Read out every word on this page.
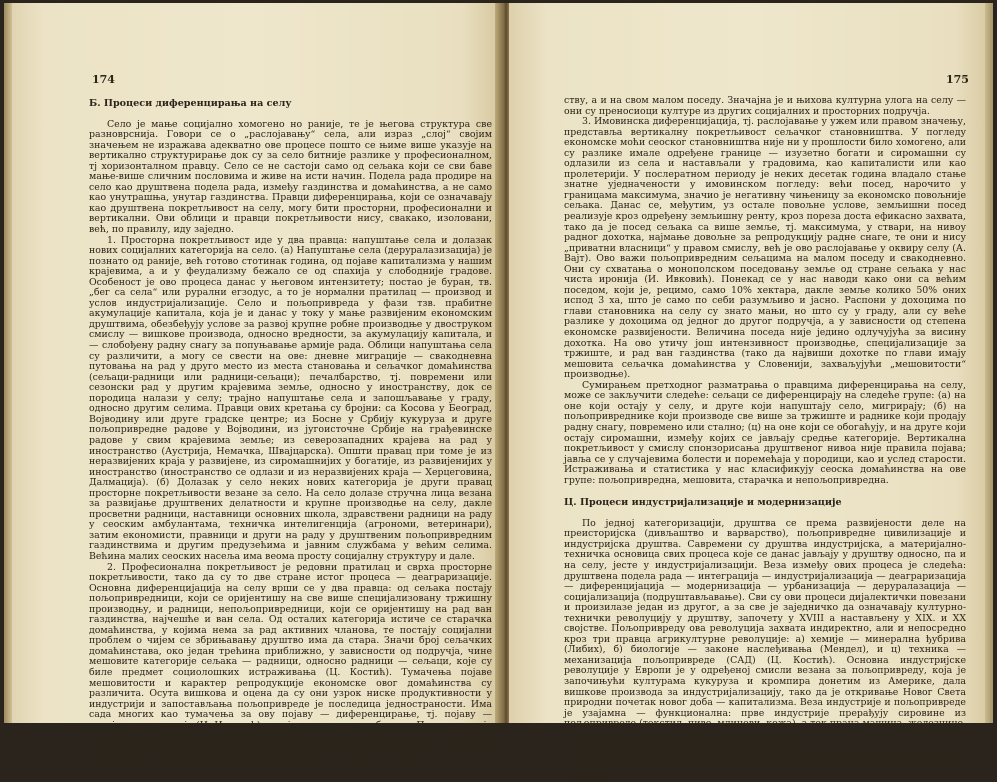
174

Б. Процеси диференцирања на селу

Село је мање социјално хомогено но раније, те је његова структура све разноврснија. Говори се о „раслојавању“ села, али израз „слој“ својим значењем не изражава адекватно ове процесе пошто се њиме више указује на вертикално структурирање док су за село битније разлике у професионалном, тј хоризонталном правцу. Село се не састоји само од сељака који се сви баве мање-више сличним пословима и живе на исти начин. Подела рада продире на село као друштвена подела рада, између газдинства и домаћинства, а не само као унутрашња, унутар газдинства. Правци диференцирања, који се означавају као друштвена покретљивост на селу, могу бити просторни, професионални и вертикални. Ови облици и правци покретљивости нису, свакако, изоловани, већ, по правилу, иду заједно.

1. Просторна покретљивост иде у два правца: напуштање села и долазак нових социјалних категорија на село. (а) Напуштање села (деруралазизација) је познато од раније, већ готово стотинак година, од појаве капитализма у нашим крајевима, а и у феудализму бежало се од спахија у слободније градове. Особеност је ово процеса данас у његовом интензитету; постао је буран, тв. „бег са села“ или рурални егзодус, а то је нормални пратилац — производ и услов индустријализације. Село и пољопривреда у фази тзв. прабитне акумулације капитала, која је и данас у току у мање развијеним економским друштвима, обезбеђују услове за развој крупне робне производње у двоструком смислу — вишкове производа, односно вредности, за акумулацију капитала, и — слобођену радну снагу за попуњавање армије рада. Облици напуштања села су различити, а могу се свести на ове: дневне миграције — свакодневна путовања на рад у друго место из места становања и сељачког домаћинства (сељаци-радници или радници-сељаци); печалбарство, тј. повремени или сезонски рад у другим крајевима земље, односно у иностранству, док се породица налази у селу; трајно напуштање села и запошљавање у граду, односно другим селима. Правци ових кретања су бројни: са Косова у Београд, Војводину или друге градске центре; из Босне у Србију кукуруза и друге пољопривредне радове у Војводини, из југоисточне Србије на грађевинске радове у свим крајевима земље; из северозападних крајева на рад у иностранство (Аустрија, Немачка, Швајцарска). Општи правац при томе је из неразвијених краја у развијене, из сиромашнијих у богатије, из развијенијих у иностранство (иностранство се одлази и из неразвијених краја — Херцеговина, Далмација). (б) Долазак у село неких нових категорија је други правац просторне покретљивости везане за село. На село долазе стручна лица везана за развијање друштвених делатности и крупне производње на селу, дакле просветни радници, наставници основних школа, здравствени радници на раду у сеоским амбулантама, техничка интелигенција (агрономи, ветеринари), затим економисти, правници и други на раду у друштвеним пољопривредним газдинствима и другим предузећима и јавним службама у већим селима. Већина малих сеоских насеља има веома просту социјалну структуру и дале.

2. Професионална покретљивост је редовни пратилац и сврха просторне покретљивости, тако да су то две стране истог процеса — деаграризације. Основна диференцијација на селу врши се у два правца: од сељака постају пољопривредници, који се оријентишу на све више специјализовану тржишну производњу, и радници, непољопривредници, који се оријентишу на рад ван газдинства, најчешће и ван села. Од осталих категорија истиче се старачка домаћинства, у којима нема за рад активних чланова, те постају социјални проблем о чијем се збрињавању друштво има да стара. Значи број сељачких домаћинстава, око један трећина приближно, у зависности од подручја, чине мешовите категорије сељака — радници, односно радници — сељаци, које су биле предмет социолошких истраживања (Ц. Костић). Тумачења појаве мешовитости и карактер репродукције економске овог домаћинства су различита. Осута вишкова и оцена да су они узрок нискe продуктивности у индустрији и запостављања пољопривреде је последица једностраности. Има сада многих као тумачења за ову појаву — диференцирање, тј. појаву — социјалне економије (И. Ивковић), док је стање управо обрнуто. Право стање је другачије: они немају других избора (на малом поседу испод 3 ха је тешко, па и немогуће запослити све за рад способне чланове домаћинства), па је тражење рада ван газдинства неопходно. Они су двоструко запослени: раде у индустрији, грађевинарству, шумарству, рудар-

175

ству, а и на свом малом поседу. Значајна је и њихова културна улога на селу — они су преносиоци културе из других социјалних и просторних подручја.

3. Имовинска диференцијација, тј. раслојавање у ужем или правом значењу, представља вертикалну покретљивост сељачког становништва. У погледу економске моћи сеоског становништва није ни у прошлости било хомогено, али су разлике имале одређене границе — изузетно богати и сиромашни су одлазили из села и настављали у градовима, као капиталисти или као пролетерији. У послератном периоду је неких десетак година владало стање знатне уједначености у имовинском погледу: већи посед, нарочито у границама максимума, значио је негативну чињеницу за економско повољније сељака. Данас се, међутим, уз остале повољне услове, земљишни посед реализује кроз одређену земљишну ренту, кроз пореза доста ефикасно захвата, тако да је посед сељака са више земље, тј. максимума, у ствари, на нивоу радног дохотка, најмање довољне за репродукцију радне снаге, те они и нису „приватни власници“ у правом смислу, већ је ово раслојавање у оквиру селу (А. Вајт). Ово важи пољопривредним сељацима на малом поседу и свакодневно. Они су схватања о монополском поседовању земље од стране сељака у нас чиста иронија (И. Ивковић). Понекад се у нас наводи како они са већим поседом, који је, рецимо, само 10% хектара, дакле земље колико 50% оних испод 3 ха, што је само по себи разумљиво и јасно. Распони у дохоцима по глави становника на селу су знато мањи, но што су у граду, али су веће разлике у дохоцима од једног до другог подручја, а у зависности од степена економске развијености. Величина поседа није једино одлучујућа за висину дохотка. На ово утичу још интензивност производње, специјализације за тржиште, и рад ван газдинства (тако да највиши дохотке по глави имају мешовита сељачка домаћинства у Словенији, захваљујући „мешовитости“ производње).

Сумирањем претходног разматрања о правцима диференцирања на селу, може се закључити следеће: сељаци се диференцирају на следеће групе: (а) на оне који остају у селу, и друге који напуштају село, мигрирају; (б) на пољопривреднике који производе све више за тржиште и раднике који продају радну снагу, повремено или стално; (ц) на оне који се обогаћују, и на друге који остају сиромашни, између којих се јављају средње категорије. Вертикална покретљивост у смислу спонзорисања друштвеног нивоа није правила појава; јавља се у случајевима болести и поремећаја у породици, као и услед старости. Истраживања и статистика у нас класификују сеоска домаћинства на ове групе: пољопривредна, мешовита, старачка и непољопривредна.

Ц. Процеси индустријализације и модернизације

По једној категоризацији, друштва се према развијености деле на преисторијска (дивљаштво и варварство), пољопривредне цивилизације и индустријска друштва. Савремени су друштва индустријска, а материјално-техничка основица свих процеса које се данас јављају у друштву односно, па и на селу, јесте у индустријализацији. Веза између ових процеса је следећа: друштвена подела рада — интеграција — индустријализација — деаграризација — диференцијација — модернизација — урбанизација — деруралазација — социјализација (подруштављавање). Сви су ови процеси дијалектички повезани и произилазе један из другог, а за све је заједничко да означавају културно-технички револуцију у друштву, започету у XVIII а настављену у XIX. и XX својстве. Пољопривреду ова револуција захвата индиректно, али и непосредно кроз три правца агрикултурне револуције: а) хемије — минерална ђубрива (Либих), б) биологије — законе наслеђивања (Мендел), и ц) техника — механизација пољопривреде (САД) (Ц. Костић). Основна индустријске револуције у Европи је у одређеној смисли везана за пољопривреду, која је започињући културама кукуруза и кромпира донетим из Америке, дала вишкове производа за индустријализацију, тако да је откривање Новог Света природни почетак новог доба — капитализма. Веза индустрије и пољопривреде је узајамна — функционална: прве индустрије прерађују сировине из пољопривреде (текстил, пиво, млинови, кожа), а тек прана машина, железнице, елетрицитет и мотори доводе до превласти тзв. I одељка — производње средстава за производњу (базичне индустрије).

Једна од општих карактеристика развоја привреде је споријн развој пољопривреде у односу на развој индустрије. Међутим, израз заостајање пољопри-
